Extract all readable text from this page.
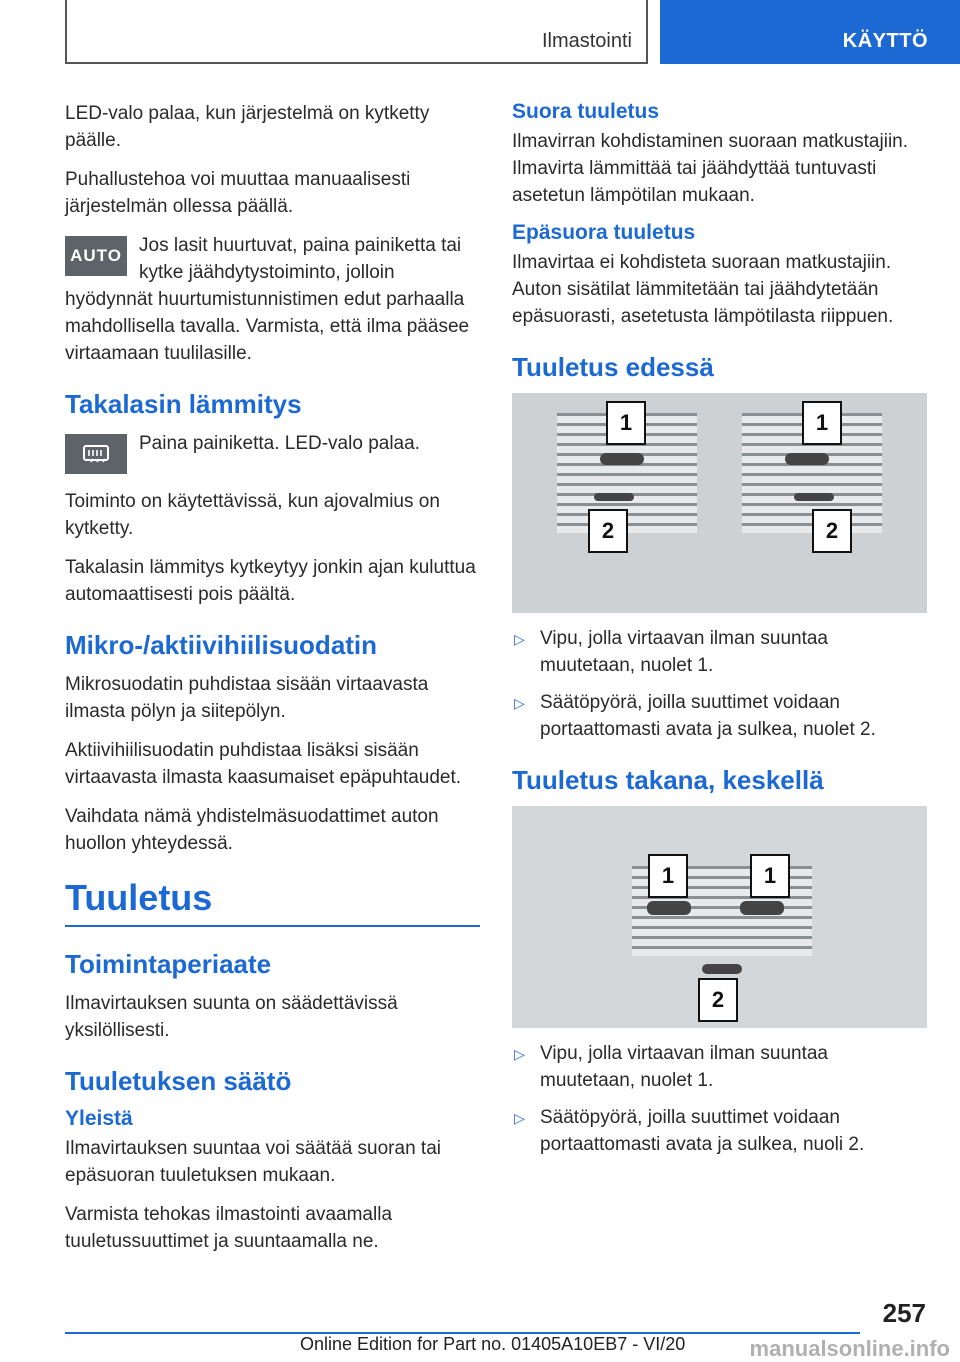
Ilmastointi	KÄYTTÖ

LED-valo palaa, kun järjestelmä on kytketty päälle.

Puhallustehoa voi muuttaa manuaalisesti järjestelmän ollessa päällä.

AUTO Jos lasit huurtuvat, paina painiketta tai kytke jäähdytystoiminto, jolloin hyödynnät huurtumistunnistimen edut parhaalla mahdollisella tavalla. Varmista, että ilma pääsee virtaamaan tuulilasille.

Takalasin lämmitys

Paina painiketta. LED-valo palaa.

Toiminto on käytettävissä, kun ajovalmius on kytketty.

Takalasin lämmitys kytkeytyy jonkin ajan kuluttua automaattisesti pois päältä.

Mikro-/aktiivihiilisuodatin

Mikrosuodatin puhdistaa sisään virtaavasta ilmasta pölyn ja siitepölyn.

Aktiivihiilisuodatin puhdistaa lisäksi sisään virtaavasta ilmasta kaasumaiset epäpuhtaudet.

Vaihdata nämä yhdistelmäsuodattimet auton huollon yhteydessä.

Tuuletus
Toimintaperiaate

Ilmavirtauksen suunta on säädettävissä yksilöllisesti.

Tuuletuksen säätö
Yleistä

Ilmavirtauksen suuntaa voi säätää suoran tai epäsuoran tuuletuksen mukaan.

Varmista tehokas ilmastointi avaamalla tuuletussuuttimet ja suuntaamalla ne.

Suora tuuletus

Ilmavirran kohdistaminen suoraan matkustajiin. Ilmavirta lämmittää tai jäähdyttää tuntuvasti asetetun lämpötilan mukaan.

Epäsuora tuuletus

Ilmavirtaa ei kohdisteta suoraan matkustajiin. Auton sisätilat lämmitetään tai jäähdytetään epäsuorasti, asetetusta lämpötilasta riippuen.

Tuuletus edessä
1	1
2	2
▷ Vipu, jolla virtaavan ilman suuntaa muutetaan, nuolet 1.
▷ Säätöpyörä, joilla suuttimet voidaan portaattomasti avata ja sulkea, nuolet 2.
Tuuletus takana, keskellä
1	1
2
▷ Vipu, jolla virtaavan ilman suuntaa muutetaan, nuolet 1.
▷ Säätöpyörä, joilla suuttimet voidaan portaattomasti avata ja sulkea, nuoli 2.
257
Online Edition for Part no. 01405A10EB7 - VI/20	manualsonline.info
